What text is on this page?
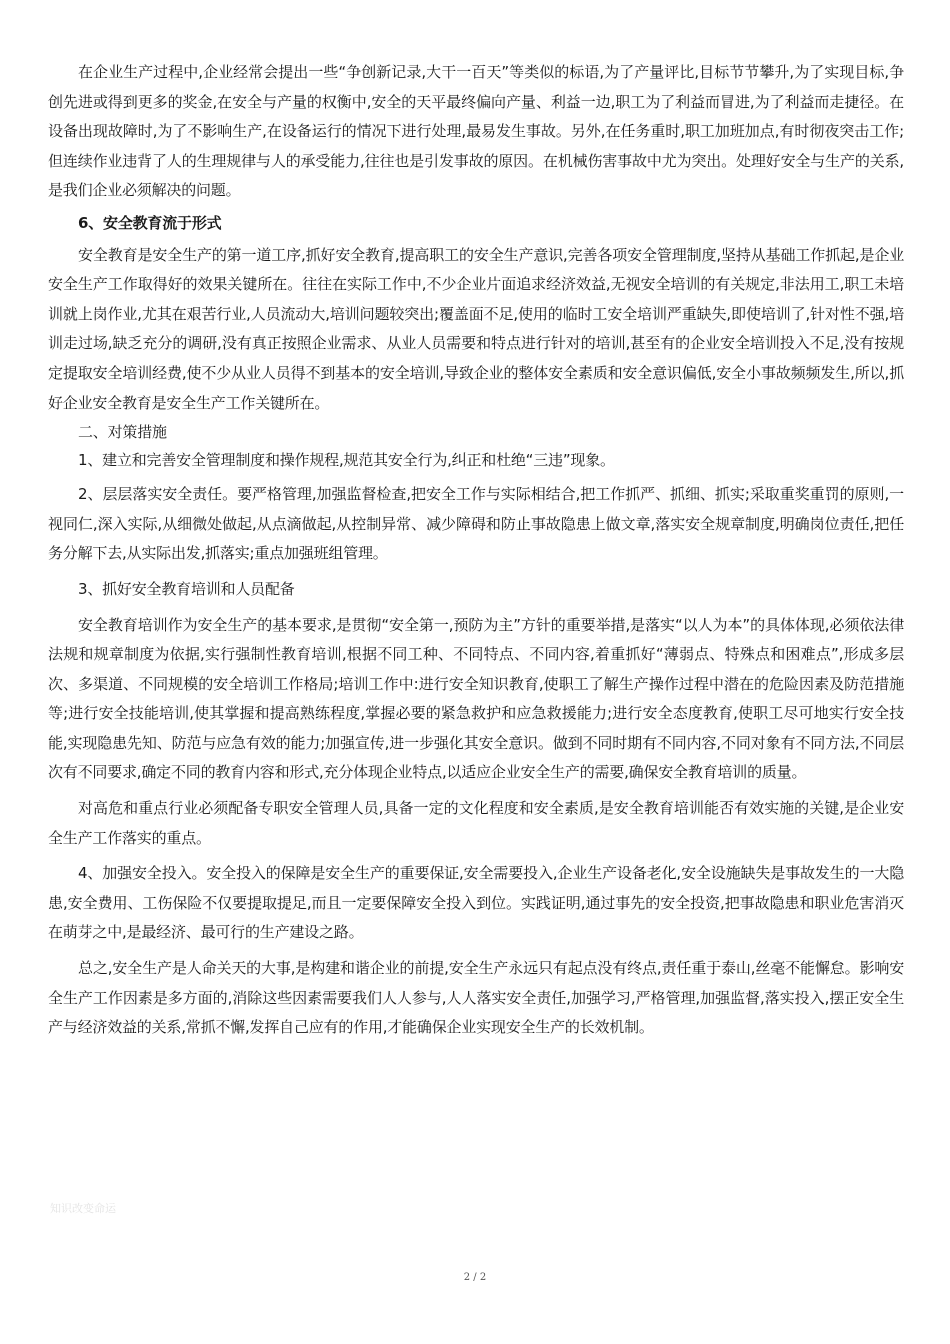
在企业生产过程中,企业经常会提出一些“争创新记录,大干一百天”等类似的标语,为了产量评比,目标节节攀升,为了实现目标,争创先进或得到更多的奖金,在安全与产量的权衡中,安全的天平最终偏向产量、利益一边,职工为了利益而冒进,为了利益而走捷径。在设备出现故障时,为了不影响生产,在设备运行的情况下进行处理,最易发生事故。另外,在任务重时,职工加班加点,有时彻夜突击工作;但连续作业违背了人的生理规律与人的承受能力,往往也是引发事故的原因。在机械伤害事故中尤为突出。处理好安全与生产的关系,是我们企业必须解决的问题。

6、安全教育流于形式

安全教育是安全生产的第一道工序,抓好安全教育,提高职工的安全生产意识,完善各项安全管理制度,坚持从基础工作抓起,是企业安全生产工作取得好的效果关键所在。往往在实际工作中,不少企业片面追求经济效益,无视安全培训的有关规定,非法用工,职工未培训就上岗作业,尤其在艰苦行业,人员流动大,培训问题较突出;覆盖面不足,使用的临时工安全培训严重缺失,即使培训了,针对性不强,培训走过场,缺乏充分的调研,没有真正按照企业需求、从业人员需要和特点进行针对的培训,甚至有的企业安全培训投入不足,没有按规定提取安全培训经费,使不少从业人员得不到基本的安全培训,导致企业的整体安全素质和安全意识偏低,安全小事故频频发生,所以,抓好企业安全教育是安全生产工作关键所在。

二、对策措施

1、建立和完善安全管理制度和操作规程,规范其安全行为,纠正和杜绝“三违”现象。

2、层层落实安全责任。要严格管理,加强监督检查,把安全工作与实际相结合,把工作抓严、抓细、抓实;采取重奖重罚的原则,一视同仁,深入实际,从细微处做起,从点滴做起,从控制异常、减少障碍和防止事故隐患上做文章,落实安全规章制度,明确岗位责任,把任务分解下去,从实际出发,抓落实;重点加强班组管理。

3、抓好安全教育培训和人员配备

安全教育培训作为安全生产的基本要求,是贯彻“安全第一,预防为主”方针的重要举措,是落实“以人为本”的具体体现,必须依法律法规和规章制度为依据,实行强制性教育培训,根据不同工种、不同特点、不同内容,着重抓好“薄弱点、特殊点和困难点”,形成多层次、多渠道、不同规模的安全培训工作格局;培训工作中:进行安全知识教育,使职工了解生产操作过程中潜在的危险因素及防范措施等;进行安全技能培训,使其掌握和提高熟练程度,掌握必要的紧急救护和应急救援能力;进行安全态度教育,使职工尽可地实行安全技能,实现隐患先知、防范与应急有效的能力;加强宣传,进一步强化其安全意识。做到不同时期有不同内容,不同对象有不同方法,不同层次有不同要求,确定不同的教育内容和形式,充分体现企业特点,以适应企业安全生产的需要,确保安全教育培训的质量。

对高危和重点行业必须配备专职安全管理人员,具备一定的文化程度和安全素质,是安全教育培训能否有效实施的关键,是企业安全生产工作落实的重点。

4、加强安全投入。安全投入的保障是安全生产的重要保证,安全需要投入,企业生产设备老化,安全设施缺失是事故发生的一大隐患,安全费用、工伤保险不仅要提取提足,而且一定要保障安全投入到位。实践证明,通过事先的安全投资,把事故隐患和职业危害消灭在萌芽之中,是最经济、最可行的生产建设之路。

总之,安全生产是人命关天的大事,是构建和谐企业的前提,安全生产永远只有起点没有终点,责任重于泰山,丝毫不能懈怠。影响安全生产工作因素是多方面的,消除这些因素需要我们人人参与,人人落实安全责任,加强学习,严格管理,加强监督,落实投入,摆正安全生产与经济效益的关系,常抓不懈,发挥自己应有的作用,才能确保企业实现安全生产的长效机制。

知识改变命运
2 / 2
